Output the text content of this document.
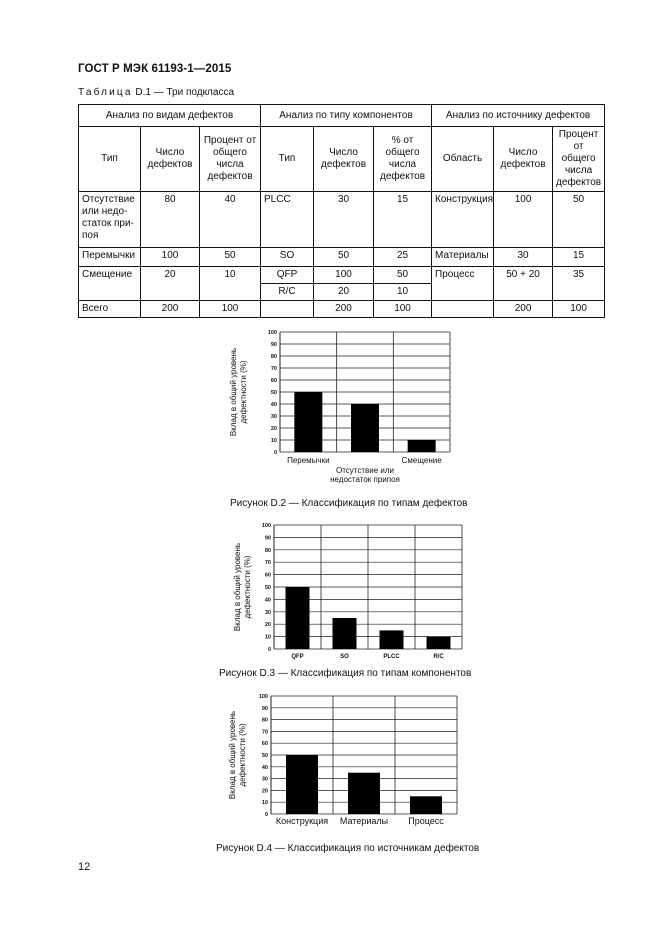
ГОСТ Р МЭК 61193-1—2015
Таблица D.1 — Три подкласса
Анализ по видам дефектов			Анализ по типу компонентов			Анализ по источнику дефектов		
Тип	Число дефектов	Процент от общего числа дефектов	Тип	Число дефектов	% от общего числа дефектов	Область	Число дефектов	Процент от общего числа дефектов
Отсутствие или недо-статок при-поя	80	40	PLCC	30	15	Конструкция	100	50
Перемычки	100	50	SO	50	25	Материалы	30	15
Смещение	20	10	QFP	100	50	Процесс	50 + 20	35
			R/C	20	10			
Всего	200	100		200	100		200	100
0
10
20
30
40
50
60
70
80
90
100
Перемычки
Отсутствие или недостаток припоя
Смещение
Вклад в общий уровеньдефектности (%)
Рисунок D.2 — Классификация по типам дефектов
0
10
20
30
40
50
60
70
80
90
100
QFP	SO	PLCC	R/C
Вклад в общий уровеньдефектности (%)
Рисунок D.3 — Классификация по типам компонентов
0
10
20
30
40
50
60
70
80
90
100
Конструкция Материалы Процесс
Вклад в общий уровеньдефектности (%)
Рисунок D.4 — Классификация по источникам дефектов
12
